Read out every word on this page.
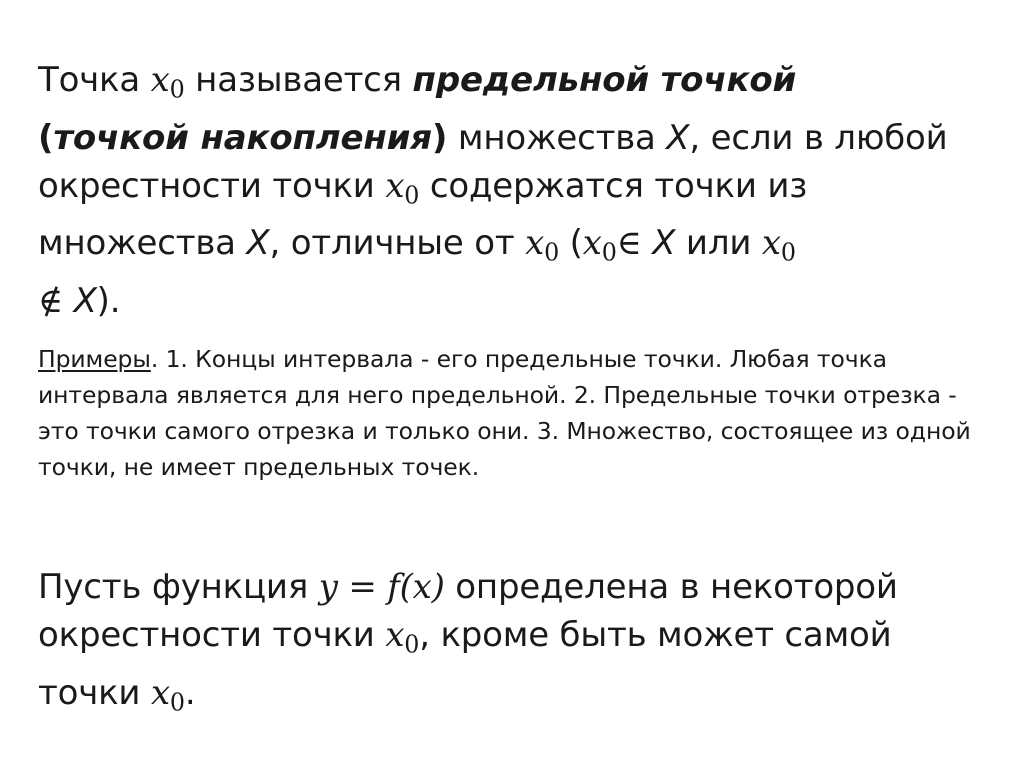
Точка x0 называется предельной точкой
(точкой накопления) множества X, если в любой окрестности точки x0 содержатся точки из множества X, отличные от x0 (x0∈ X или x0
∉ X).

Примеры. 1. Концы интервала - его предельные точки. Любая точка интервала является для него предельной. 2. Предельные точки отрезка - это точки самого отрезка и только они. 3. Множество, состоящее из одной точки, не имеет предельных точек.

Пусть функция y = f(x) определена в некоторой окрестности точки x0, кроме быть может самой точки x0.
